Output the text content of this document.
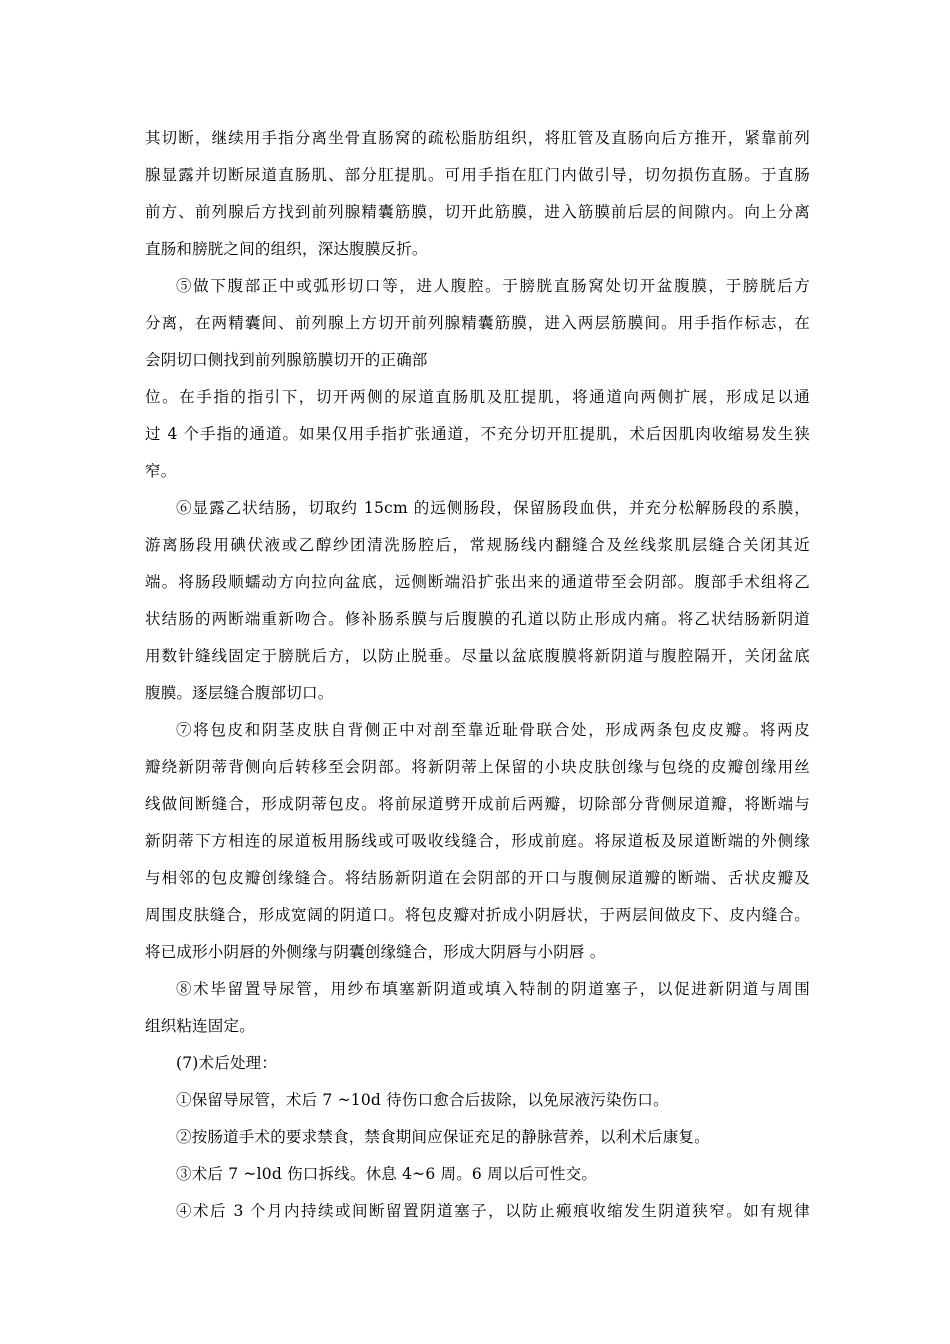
其切断，继续用手指分离坐骨直肠窝的疏松脂肪组织，将肛管及直肠向后方推开，紧靠前列
腺显露并切断尿道直肠肌、部分肛提肌。可用手指在肛门内做引导，切勿损伤直肠。于直肠
前方、前列腺后方找到前列腺精囊筋膜，切开此筋膜，进入筋膜前后层的间隙内。向上分离
直肠和膀胱之间的组织，深达腹膜反折。
⑤做下腹部正中或弧形切口等，进人腹腔。于膀胱直肠窝处切开盆腹膜，于膀胱后方
分离，在两精囊间、前列腺上方切开前列腺精囊筋膜，进入两层筋膜间。用手指作标志，在
会阴切口侧找到前列腺筋膜切开的正确部
位。在手指的指引下，切开两侧的尿道直肠肌及肛提肌，将通道向两侧扩展，形成足以通
过 4 个手指的通道。如果仅用手指扩张通道，不充分切开肛提肌，术后因肌肉收缩易发生狭
窄。
⑥显露乙状结肠，切取约 15cm 的远侧肠段，保留肠段血供，并充分松解肠段的系膜，
游离肠段用碘伏液或乙醇纱团清洗肠腔后，常规肠线内翻缝合及丝线浆肌层缝合关闭其近
端。将肠段顺蠕动方向拉向盆底，远侧断端沿扩张出来的通道带至会阴部。腹部手术组将乙
状结肠的两断端重新吻合。修补肠系膜与后腹膜的孔道以防止形成内痛。将乙状结肠新阴道
用数针缝线固定于膀胱后方，以防止脱垂。尽量以盆底腹膜将新阴道与腹腔隔开，关闭盆底
腹膜。逐层缝合腹部切口。
⑦将包皮和阴茎皮肤自背侧正中对剖至靠近耻骨联合处，形成两条包皮皮瓣。将两皮
瓣绕新阴蒂背侧向后转移至会阴部。将新阴蒂上保留的小块皮肤创缘与包绕的皮瓣创缘用丝
线做间断缝合，形成阴蒂包皮。将前尿道劈开成前后两瓣，切除部分背侧尿道瓣，将断端与
新阴蒂下方相连的尿道板用肠线或可吸收线缝合，形成前庭。将尿道板及尿道断端的外侧缘
与相邻的包皮瓣创缘缝合。将结肠新阴道在会阴部的开口与腹侧尿道瓣的断端、舌状皮瓣及
周围皮肤缝合，形成宽阔的阴道口。将包皮瓣对折成小阴唇状，于两层间做皮下、皮内缝合。
将已成形小阴唇的外侧缘与阴囊创缘缝合，形成大阴唇与小阴唇 。
⑧术毕留置导尿管，用纱布填塞新阴道或填入特制的阴道塞子，以促进新阴道与周围
组织粘连固定。
(7)术后处理：
①保留导尿管，术后 7 ~10d 待伤口愈合后拔除，以免尿液污染伤口。
②按肠道手术的要求禁食，禁食期间应保证充足的静脉营养，以利术后康复。
③术后 7 ~l0d 伤口拆线。休息 4~6 周。6 周以后可性交。
④术后 3 个月内持续或间断留置阴道塞子，以防止瘢痕收缩发生阴道狭窄。如有规律
